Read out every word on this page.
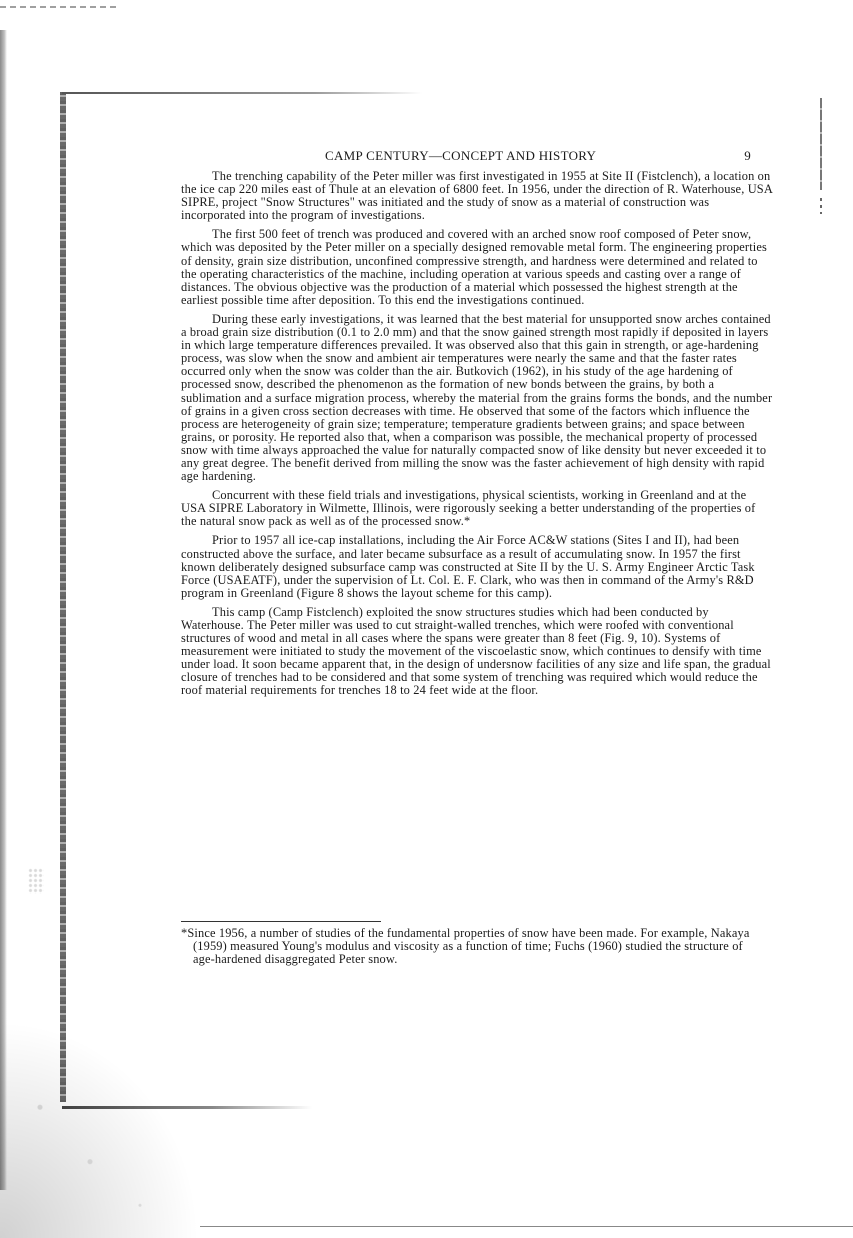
CAMP CENTURY—CONCEPT AND HISTORY	9

The trenching capability of the Peter miller was first investigated in 1955 at Site II (Fistclench), a location on the ice cap 220 miles east of Thule at an elevation of 6800 feet. In 1956, under the direction of R. Waterhouse, USA SIPRE, project "Snow Structures" was initiated and the study of snow as a material of construction was incorporated into the program of investigations.

The first 500 feet of trench was produced and covered with an arched snow roof composed of Peter snow, which was deposited by the Peter miller on a specially designed removable metal form. The engineering properties of density, grain size distribution, unconfined compressive strength, and hardness were determined and related to the operating characteristics of the machine, including operation at various speeds and casting over a range of distances. The obvious objective was the production of a material which possessed the highest strength at the earliest possible time after deposition. To this end the investigations continued.

During these early investigations, it was learned that the best material for unsupported snow arches contained a broad grain size distribution (0.1 to 2.0 mm) and that the snow gained strength most rapidly if deposited in layers in which large temperature differences prevailed. It was observed also that this gain in strength, or age-hardening process, was slow when the snow and ambient air temperatures were nearly the same and that the faster rates occurred only when the snow was colder than the air. Butkovich (1962), in his study of the age hardening of processed snow, described the phenomenon as the formation of new bonds between the grains, by both a sublimation and a surface migration process, whereby the material from the grains forms the bonds, and the number of grains in a given cross section decreases with time. He observed that some of the factors which influence the process are heterogeneity of grain size; temperature; temperature gradients between grains; and space between grains, or porosity. He reported also that, when a comparison was possible, the mechanical property of processed snow with time always approached the value for naturally compacted snow of like density but never exceeded it to any great degree. The benefit derived from milling the snow was the faster achievement of high density with rapid age hardening.

Concurrent with these field trials and investigations, physical scientists, working in Greenland and at the USA SIPRE Laboratory in Wilmette, Illinois, were rigorously seeking a better understanding of the properties of the natural snow pack as well as of the processed snow.*

Prior to 1957 all ice-cap installations, including the Air Force AC&W stations (Sites I and II), had been constructed above the surface, and later became subsurface as a result of accumulating snow. In 1957 the first known deliberately designed subsurface camp was constructed at Site II by the U. S. Army Engineer Arctic Task Force (USAEATF), under the supervision of Lt. Col. E. F. Clark, who was then in command of the Army's R&D program in Greenland (Figure 8 shows the layout scheme for this camp).

This camp (Camp Fistclench) exploited the snow structures studies which had been conducted by Waterhouse. The Peter miller was used to cut straight-walled trenches, which were roofed with conventional structures of wood and metal in all cases where the spans were greater than 8 feet (Fig. 9, 10). Systems of measurement were initiated to study the movement of the viscoelastic snow, which continues to densify with time under load. It soon became apparent that, in the design of undersnow facilities of any size and life span, the gradual closure of trenches had to be considered and that some system of trenching was required which would reduce the roof material requirements for trenches 18 to 24 feet wide at the floor.

*Since 1956, a number of studies of the fundamental properties of snow have been made. For example, Nakaya (1959) measured Young's modulus and viscosity as a function of time; Fuchs (1960) studied the structure of age-hardened disaggregated Peter snow.
